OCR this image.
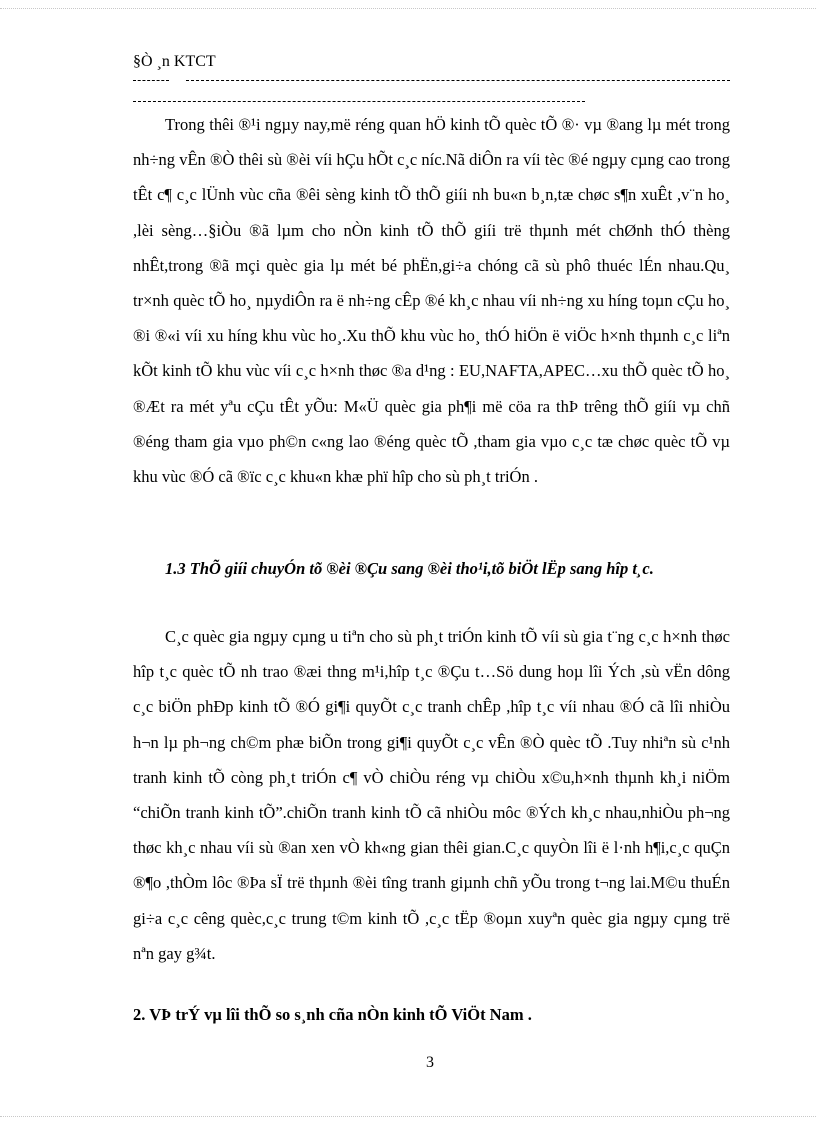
§Ò ¸n KTCT

Trong thêi ®¹i ngµy nay,më réng quan hÖ kinh tÕ quèc tÕ ®· vµ ®ang lµ mét trong nh÷ng vÊn ®Ò thêi sù ®èi víi hÇu hÕt c¸c níc.Nã diÔn ra víi tèc ®é ngµy cµng cao trong tÊt c¶ c¸c lÜnh vùc cña ®êi sèng kinh tÕ thÕ giíi nh bu«n b¸n,tæ chøc s¶n xuÊt ,v¨n ho¸ ,lèi sèng…§iÒu ®ã lµm cho nÒn kinh tÕ thÕ giíi trë thµnh mét chØnh thÓ thèng nhÊt,trong ®ã mçi quèc gia lµ mét bé phËn,gi÷a chóng cã sù phô thuéc lÉn nhau.Qu¸ tr×nh quèc tÕ ho¸ nµydiÔn ra ë nh÷ng cÊp ®é kh¸c nhau víi nh÷ng xu híng toµn cÇu ho¸ ®i ®«i víi xu híng khu vùc ho¸.Xu thÕ khu vùc ho¸ thÓ hiÖn ë viÖc h×nh thµnh c¸c liªn kÕt kinh tÕ khu vùc víi c¸c h×nh thøc ®a d¹ng : EU,NAFTA,APEC…xu thÕ quèc tÕ ho¸ ®Æt ra mét yªu cÇu tÊt yÕu: M«Ü quèc gia ph¶i më cöa ra thÞ trêng thÕ giíi vµ chñ ®éng tham gia vµo ph©n c«ng lao ®éng quèc tÕ ,tham gia vµo c¸c tæ chøc quèc tÕ vµ khu vùc ®Ó cã ®ïc c¸c khu«n khæ phï hîp cho sù ph¸t triÓn .

1.3 ThÕ giíi chuyÓn tõ ®èi ®Çu sang ®èi tho¹i,tõ biÖt lËp sang hîp t¸c.

C¸c quèc gia ngµy cµng u tiªn cho sù ph¸t triÓn kinh tÕ víi sù gia t¨ng c¸c h×nh thøc hîp t¸c quèc tÕ nh trao ®æi thng m¹i,hîp t¸c ®Çu t…Sö dung hoµ lîi Ých ,sù vËn dông c¸c biÖn phÐp kinh tÕ ®Ó gi¶i quyÕt c¸c tranh chÊp ,hîp t¸c víi nhau ®Ó cã lîi nhiÒu h¬n lµ ph¬ng ch©m phæ biÕn trong gi¶i quyÕt c¸c vÊn ®Ò quèc tÕ .Tuy nhiªn sù c¹nh tranh kinh tÕ còng ph¸t triÓn c¶ vÒ chiÒu réng vµ chiÒu x©u,h×nh thµnh kh¸i niÖm “chiÕn tranh kinh tÕ”.chiÕn tranh kinh tÕ cã nhiÒu môc ®Ých kh¸c nhau,nhiÒu ph¬ng thøc kh¸c nhau víi sù ®an xen vÒ kh«ng gian thêi gian.C¸c quyÒn lîi ë l·nh h¶i,c¸c quÇn ®¶o ,thÒm lôc ®Þa sÏ trë thµnh ®èi tîng tranh giµnh chñ yÕu trong t¬ng lai.M©u thuÉn gi÷a c¸c cêng quèc,c¸c trung t©m kinh tÕ ,c¸c tËp ®oµn xuyªn quèc gia ngµy cµng trë nªn gay g¾t.

2. VÞ trÝ vµ lîi thÕ so s¸nh cña nÒn kinh tÕ ViÖt Nam .
3
